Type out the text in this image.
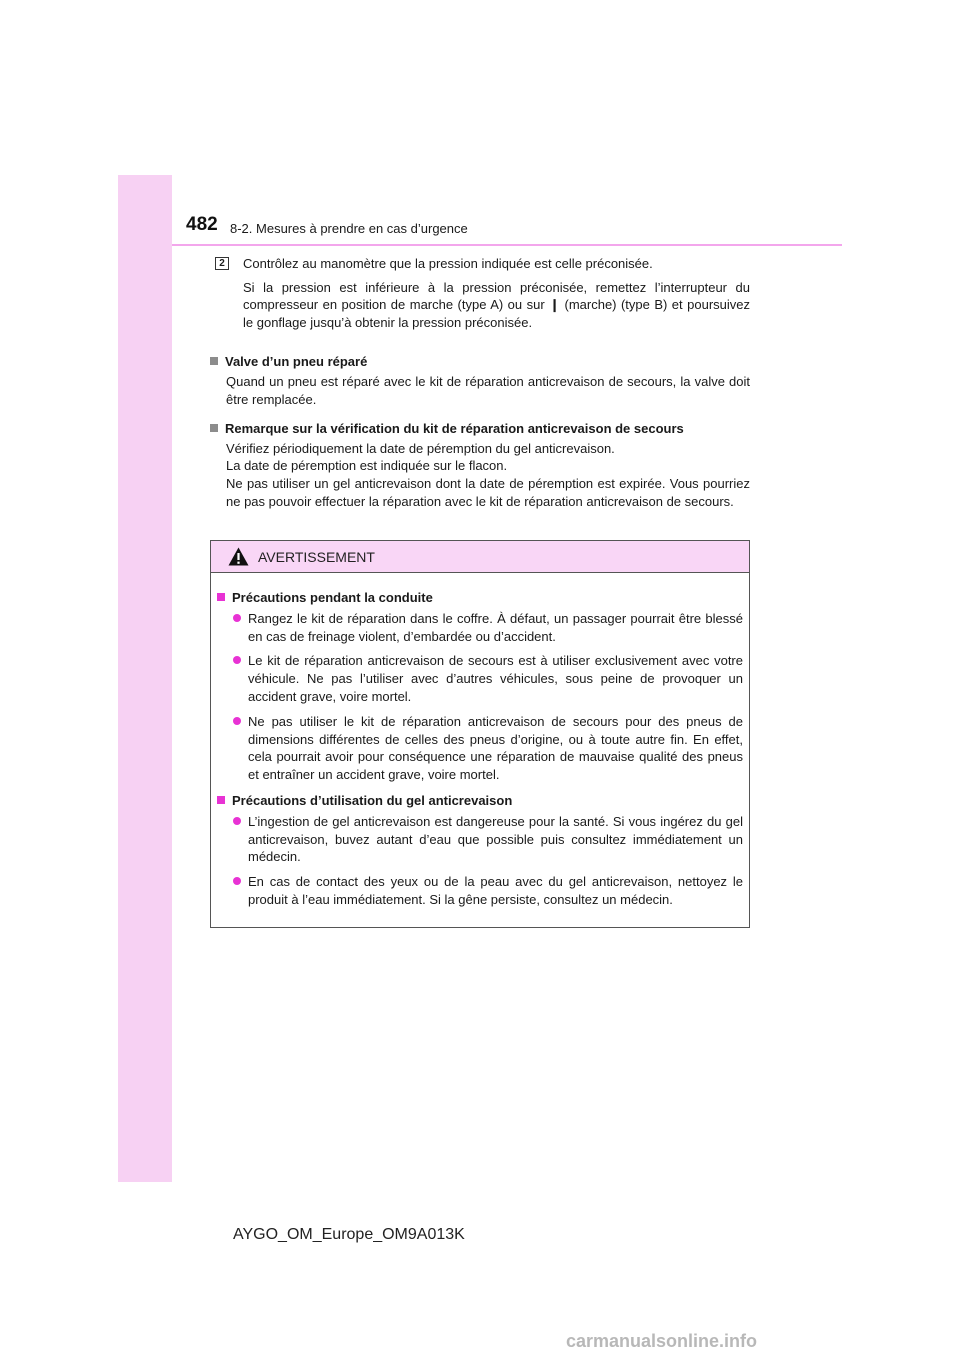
482 8-2. Mesures à prendre en cas d’urgence
2	Contrôlez au manomètre que la pression indiquée est celle préconisée.
Si la pression est inférieure à la pression préconisée, remettez l’interrupteur du compresseur en position de marche (type A) ou sur ❙ (marche) (type B) et poursuivez le gonflage jusqu’à obtenir la pression préconisée.
Valve d’un pneu réparé
Quand un pneu est réparé avec le kit de réparation anticrevaison de secours, la valve doit être remplacée.
Remarque sur la vérification du kit de réparation anticrevaison de secours
Vérifiez périodiquement la date de péremption du gel anticrevaison.
La date de péremption est indiquée sur le flacon.
Ne pas utiliser un gel anticrevaison dont la date de péremption est expirée. Vous pourriez ne pas pouvoir effectuer la réparation avec le kit de réparation anticrevaison de secours.
AVERTISSEMENT
Précautions pendant la conduite
Rangez le kit de réparation dans le coffre. À défaut, un passager pourrait être blessé en cas de freinage violent, d’embardée ou d’accident.
Le kit de réparation anticrevaison de secours est à utiliser exclusivement avec votre véhicule. Ne pas l’utiliser avec d’autres véhicules, sous peine de provoquer un accident grave, voire mortel.
Ne pas utiliser le kit de réparation anticrevaison de secours pour des pneus de dimensions différentes de celles des pneus d’origine, ou à toute autre fin. En effet, cela pourrait avoir pour conséquence une réparation de mauvaise qualité des pneus et entraîner un accident grave, voire mortel.
Précautions d’utilisation du gel anticrevaison
L’ingestion de gel anticrevaison est dangereuse pour la santé. Si vous ingérez du gel anticrevaison, buvez autant d’eau que possible puis consultez immédiatement un médecin.
En cas de contact des yeux ou de la peau avec du gel anticrevaison, nettoyez le produit à l’eau immédiatement. Si la gêne persiste, consultez un médecin.
AYGO_OM_Europe_OM9A013K
carmanualsonline.info
